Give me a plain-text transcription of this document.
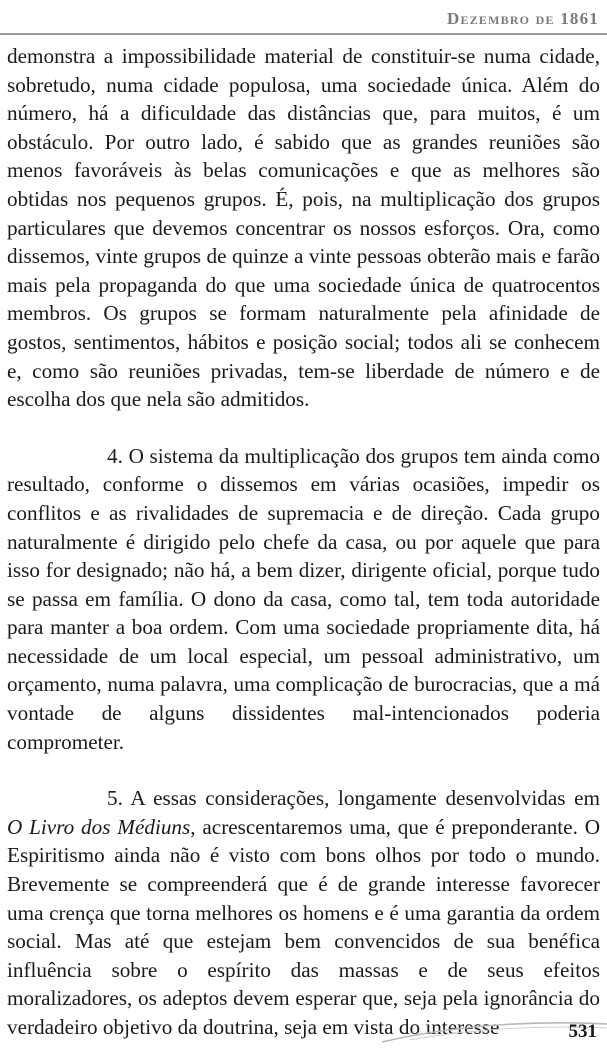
Dezembro de 1861

demonstra a impossibilidade material de constituir-se numa cidade, sobretudo, numa cidade populosa, uma sociedade única. Além do número, há a dificuldade das distâncias que, para muitos, é um obstáculo. Por outro lado, é sabido que as grandes reuniões são menos favoráveis às belas comunicações e que as melhores são obtidas nos pequenos grupos. É, pois, na multiplicação dos grupos particulares que devemos concentrar os nossos esforços. Ora, como dissemos, vinte grupos de quinze a vinte pessoas obterão mais e farão mais pela propaganda do que uma sociedade única de quatrocentos membros. Os grupos se formam naturalmente pela afinidade de gostos, sentimentos, hábitos e posição social; todos ali se conhecem e, como são reuniões privadas, tem-se liberdade de número e de escolha dos que nela são admitidos.

4. O sistema da multiplicação dos grupos tem ainda como resultado, conforme o dissemos em várias ocasiões, impedir os conflitos e as rivalidades de supremacia e de direção. Cada grupo naturalmente é dirigido pelo chefe da casa, ou por aquele que para isso for designado; não há, a bem dizer, dirigente oficial, porque tudo se passa em família. O dono da casa, como tal, tem toda autoridade para manter a boa ordem. Com uma sociedade propriamente dita, há necessidade de um local especial, um pessoal administrativo, um orçamento, numa palavra, uma complicação de burocracias, que a má vontade de alguns dissidentes mal-intencionados poderia comprometer.

5. A essas considerações, longamente desenvolvidas em O Livro dos Médiuns, acrescentaremos uma, que é preponderante. O Espiritismo ainda não é visto com bons olhos por todo o mundo. Brevemente se compreenderá que é de grande interesse favorecer uma crença que torna melhores os homens e é uma garantia da ordem social. Mas até que estejam bem convencidos de sua benéfica influência sobre o espírito das massas e de seus efeitos moralizadores, os adeptos devem esperar que, seja pela ignorância do verdadeiro objetivo da doutrina, seja em vista do interesse	531
